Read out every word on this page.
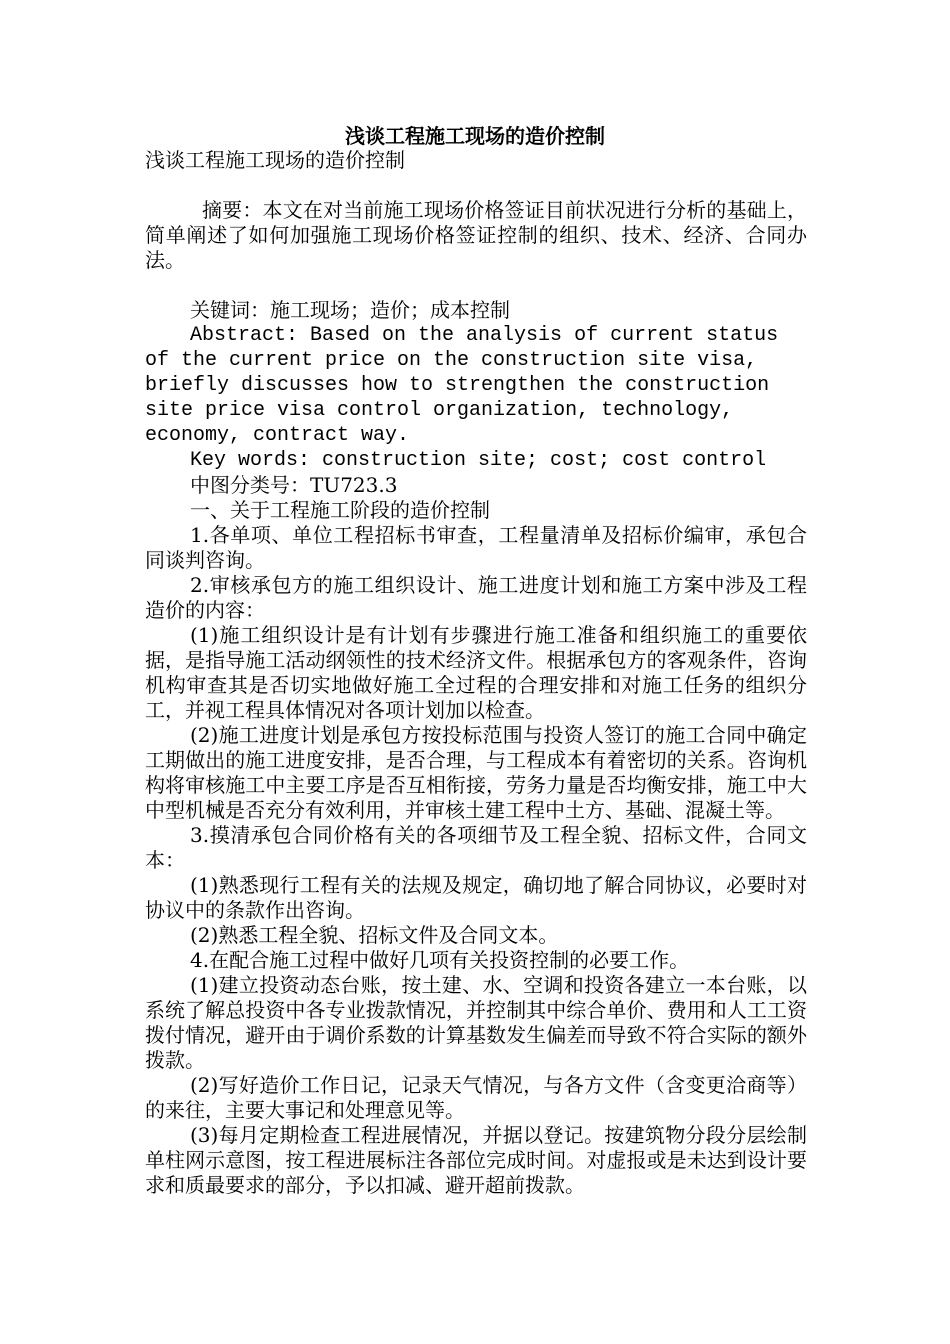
浅谈工程施工现场的造价控制

浅谈工程施工现场的造价控制

摘要：本文在对当前施工现场价格签证目前状况进行分析的基础上，简单阐述了如何加强施工现场价格签证控制的组织、技术、经济、合同办法。

关键词：施工现场；造价；成本控制

Abstract: Based on the analysis of current status of the current price on the construction site visa, briefly discusses how to strengthen the construction site price visa control organization, technology, economy, contract way.

Key words: construction site; cost; cost control

中图分类号：TU723.3

一、关于工程施工阶段的造价控制

1.各单项、单位工程招标书审查，工程量清单及招标价编审，承包合同谈判咨询。

2.审核承包方的施工组织设计、施工进度计划和施工方案中涉及工程造价的内容：

(1)施工组织设计是有计划有步骤进行施工准备和组织施工的重要依据，是指导施工活动纲领性的技术经济文件。根据承包方的客观条件，咨询机构审查其是否切实地做好施工全过程的合理安排和对施工任务的组织分工，并视工程具体情况对各项计划加以检查。

(2)施工进度计划是承包方按投标范围与投资人签订的施工合同中确定工期做出的施工进度安排，是否合理，与工程成本有着密切的关系。咨询机构将审核施工中主要工序是否互相衔接，劳务力量是否均衡安排，施工中大中型机械是否充分有效利用，并审核土建工程中土方、基础、混凝土等。

3.摸清承包合同价格有关的各项细节及工程全貌、招标文件，合同文本：

(1)熟悉现行工程有关的法规及规定，确切地了解合同协议，必要时对协议中的条款作出咨询。

(2)熟悉工程全貌、招标文件及合同文本。

4.在配合施工过程中做好几项有关投资控制的必要工作。

(1)建立投资动态台账，按土建、水、空调和投资各建立一本台账，以系统了解总投资中各专业拨款情况，并控制其中综合单价、费用和人工工资拨付情况，避开由于调价系数的计算基数发生偏差而导致不符合实际的额外拨款。

(2)写好造价工作日记，记录天气情况，与各方文件（含变更洽商等）的来往，主要大事记和处理意见等。

(3)每月定期检查工程进展情况，并据以登记。按建筑物分段分层绘制单柱网示意图，按工程进展标注各部位完成时间。对虚报或是未达到设计要求和质最要求的部分，予以扣减、避开超前拨款。
